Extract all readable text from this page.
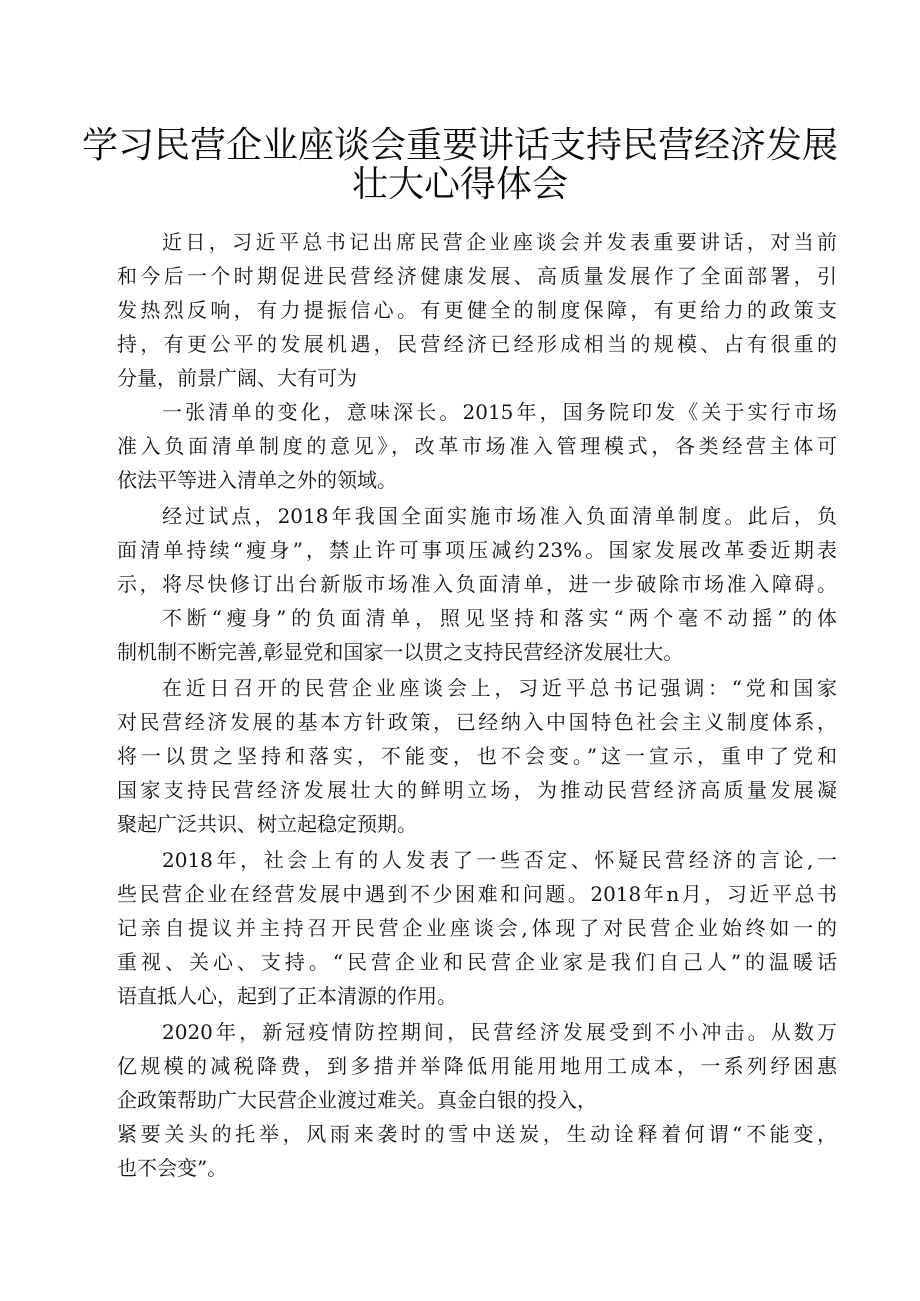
学习民营企业座谈会重要讲话支持民营经济发展
壮大心得体会
近日，习近平总书记出席民营企业座谈会并发表重要讲话，对当前
和今后一个时期促进民营经济健康发展、高质量发展作了全面部署，引
发热烈反响，有力提振信心。有更健全的制度保障，有更给力的政策支
持，有更公平的发展机遇，民营经济已经形成相当的规模、占有很重的
分量，前景广阔、大有可为
一张清单的变化，意味深长。2015年，国务院印发《关于实行市场
准入负面清单制度的意见》，改革市场准入管理模式，各类经营主体可
依法平等进入清单之外的领域。
经过试点，2018年我国全面实施市场准入负面清单制度。此后，负
面清单持续“瘦身”，禁止许可事项压减约23%。国家发展改革委近期表
示，将尽快修订出台新版市场准入负面清单，进一步破除市场准入障碍。
不断“瘦身”的负面清单，照见坚持和落实“两个毫不动摇”的体
制机制不断完善,彰显党和国家一以贯之支持民营经济发展壮大。
在近日召开的民营企业座谈会上，习近平总书记强调：“党和国家
对民营经济发展的基本方针政策，已经纳入中国特色社会主义制度体系，
将一以贯之坚持和落实，不能变，也不会变。”这一宣示，重申了党和
国家支持民营经济发展壮大的鲜明立场，为推动民营经济高质量发展凝
聚起广泛共识、树立起稳定预期。
2018年，社会上有的人发表了一些否定、怀疑民营经济的言论,一
些民营企业在经营发展中遇到不少困难和问题。2018年n月，习近平总书
记亲自提议并主持召开民营企业座谈会,体现了对民营企业始终如一的
重视、关心、支持。“民营企业和民营企业家是我们自己人”的温暖话
语直抵人心，起到了正本清源的作用。
2020年，新冠疫情防控期间，民营经济发展受到不小冲击。从数万
亿规模的减税降费，到多措并举降低用能用地用工成本，一系列纾困惠
企政策帮助广大民营企业渡过难关。真金白银的投入，
紧要关头的托举，风雨来袭时的雪中送炭，生动诠释着何谓“不能变，
也不会变”。
